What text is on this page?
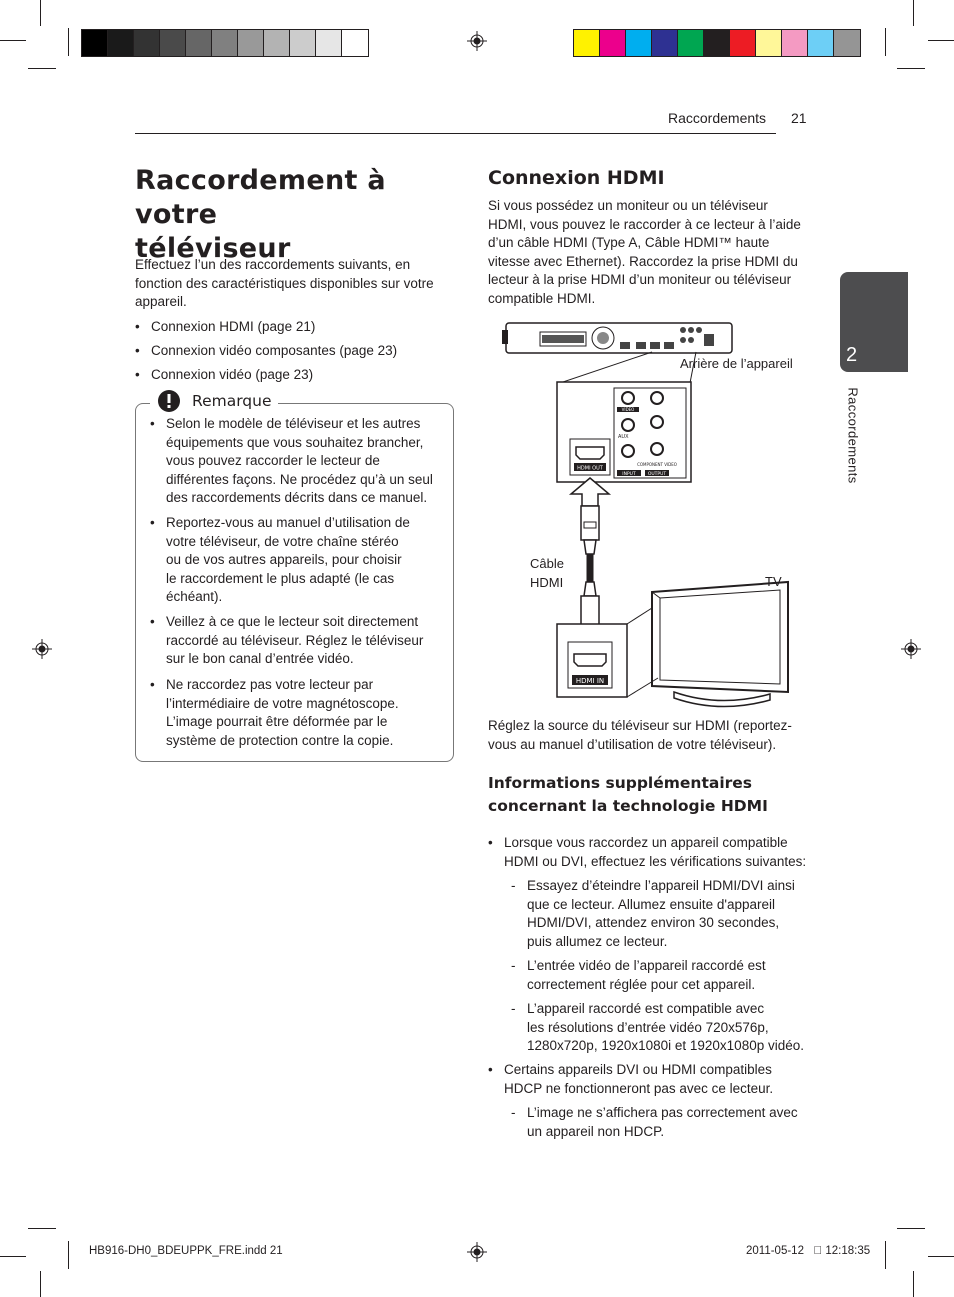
Raccordements 21
Raccordement à votre
téléviseur
Effectuez l’un des raccordements suivants, en
fonction des caractéristiques disponibles sur votre
appareil.
• Connexion HDMI (page 21)
• Connexion vidéo composantes (page 23)
• Connexion vidéo (page 23)
Remarque
• Selon le modèle de téléviseur et les autres
équipements que vous souhaitez brancher,
vous pouvez raccorder le lecteur de
différentes façons. Ne procédez qu’à un seul
des raccordements décrits dans ce manuel.
• Reportez-vous au manuel d’utilisation de
votre téléviseur, de votre chaîne stéréo
ou de vos autres appareils, pour choisir
le raccordement le plus adapté (le cas
échéant).
• Veillez à ce que le lecteur soit directement
raccordé au téléviseur. Réglez le téléviseur
sur le bon canal d’entrée vidéo.
• Ne raccordez pas votre lecteur par
l’intermédiaire de votre magnétoscope.
L’image pourrait être déformée par le
système de protection contre la copie.
Connexion HDMI
Si vous possédez un moniteur ou un téléviseur
HDMI, vous pouvez le raccorder à ce lecteur à l’aide
d’un câble HDMI (Type A, Câble HDMI™ haute
vitesse avec Ethernet). Raccordez la prise HDMI du
lecteur à la prise HDMI d’un moniteur ou téléviseur
compatible HDMI.
HDMI OUT
VIDEO
AUX
COMPONENT VIDEO
INPUT	OUTPUT
HDMI IN
Arrière de l’appareil
Câble
HDMI	TV
Réglez la source du téléviseur sur HDMI (reportez-
vous au manuel d’utilisation de votre téléviseur).
Informations supplémentaires
concernant la technologie HDMI
• Lorsque vous raccordez un appareil compatible
HDMI ou DVI, effectuez les vérifications suivantes:
- Essayez d’éteindre l’appareil HDMI/DVI ainsi
que ce lecteur. Allumez ensuite d'appareil
HDMI/DVI, attendez environ 30 secondes,
puis allumez ce lecteur.
- L’entrée vidéo de l’appareil raccordé est
correctement réglée pour cet appareil.
- L’appareil raccordé est compatible avec
les résolutions d’entrée vidéo 720x576p,
1280x720p, 1920x1080i et 1920x1080p vidéo.
• Certains appareils DVI ou HDMI compatibles
HDCP ne fonctionneront pas avec ce lecteur.
- L’image ne s’affichera pas correctement avec
un appareil non HDCP.
2
Raccordements
HB916-DH0_BDEUPPK_FRE.indd 21	2011-05-12     12:18:35
